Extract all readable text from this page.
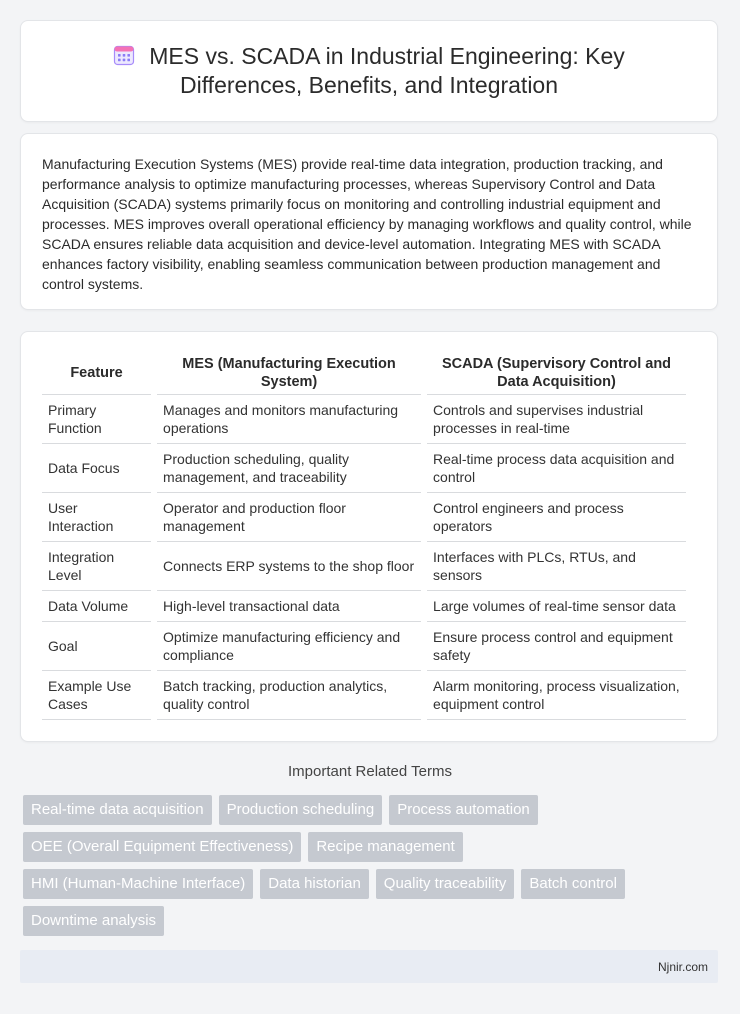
MES vs. SCADA in Industrial Engineering: Key Differences, Benefits, and Integration
Manufacturing Execution Systems (MES) provide real-time data integration, production tracking, and performance analysis to optimize manufacturing processes, whereas Supervisory Control and Data Acquisition (SCADA) systems primarily focus on monitoring and controlling industrial equipment and processes. MES improves overall operational efficiency by managing workflows and quality control, while SCADA ensures reliable data acquisition and device-level automation. Integrating MES with SCADA enhances factory visibility, enabling seamless communication between production management and control systems.
Feature	MES (Manufacturing Execution System)	SCADA (Supervisory Control and Data Acquisition)
Primary Function	Manages and monitors manufacturing operations	Controls and supervises industrial processes in real-time
Data Focus	Production scheduling, quality management, and traceability	Real-time process data acquisition and control
User Interaction	Operator and production floor management	Control engineers and process operators
Integration Level	Connects ERP systems to the shop floor	Interfaces with PLCs, RTUs, and sensors
Data Volume	High-level transactional data	Large volumes of real-time sensor data
Goal	Optimize manufacturing efficiency and compliance	Ensure process control and equipment safety
Example Use Cases	Batch tracking, production analytics, quality control	Alarm monitoring, process visualization, equipment control
Important Related Terms
Real-time data acquisition	Production scheduling	Process automation
OEE (Overall Equipment Effectiveness)	Recipe management
HMI (Human-Machine Interface)	Data historian	Quality traceability	Batch control
Downtime analysis
Njnir.com
